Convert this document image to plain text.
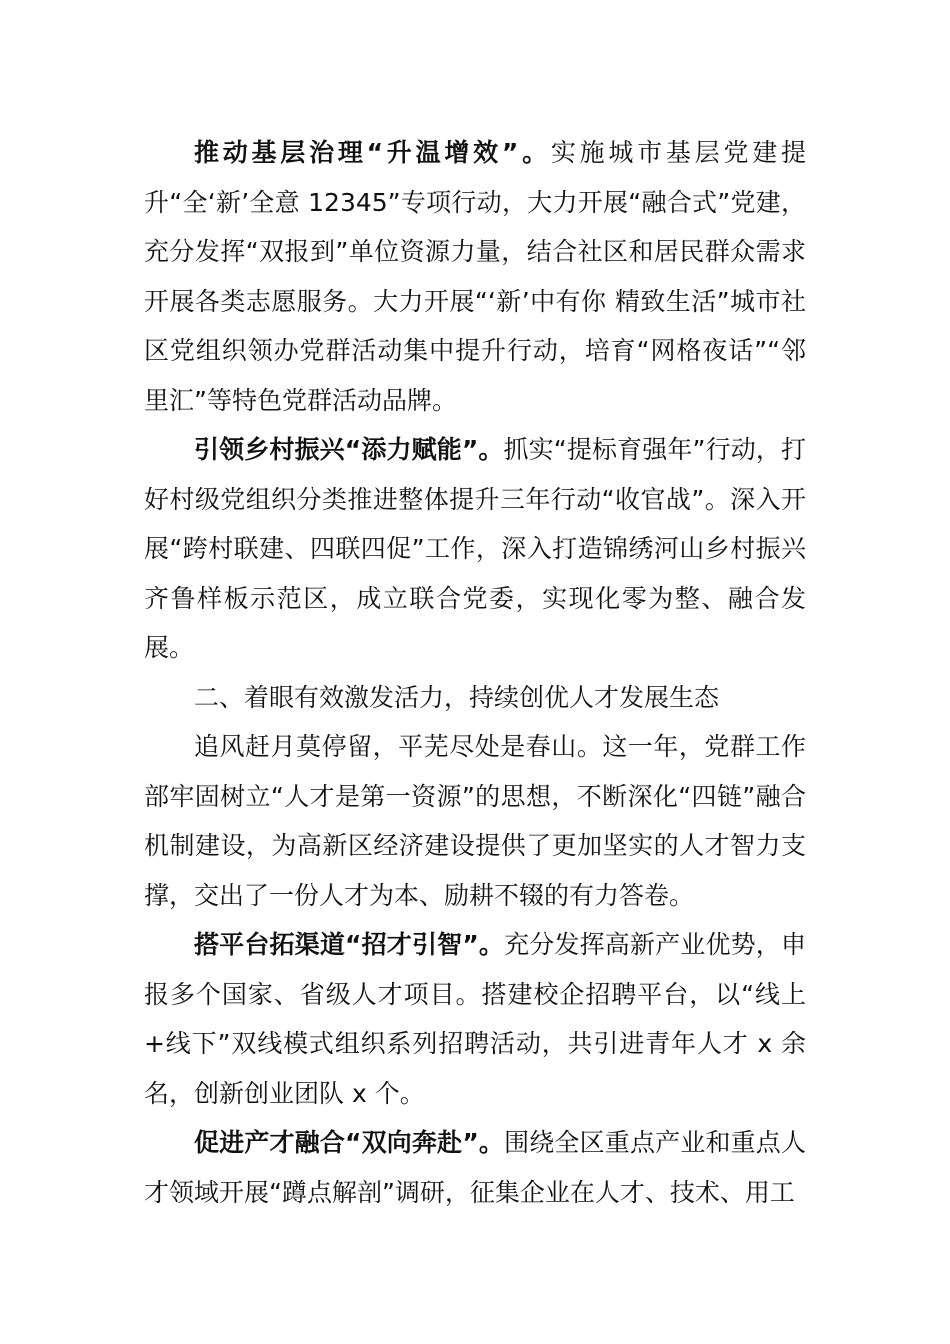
推动基层治理“升温增效”。实施城市基层党建提升“全‘新’全意 12345”专项行动，大力开展“融合式”党建，充分发挥“双报到”单位资源力量，结合社区和居民群众需求开展各类志愿服务。大力开展“‘新’中有你 精致生活”城市社区党组织领办党群活动集中提升行动，培育“网格夜话”“邻里汇”等特色党群活动品牌。

引领乡村振兴“添力赋能”。抓实“提标育强年”行动，打好村级党组织分类推进整体提升三年行动“收官战”。深入开展“跨村联建、四联四促”工作，深入打造锦绣河山乡村振兴齐鲁样板示范区，成立联合党委，实现化零为整、融合发展。

二、着眼有效激发活力，持续创优人才发展生态

追风赶月莫停留，平芜尽处是春山。这一年，党群工作部牢固树立“人才是第一资源”的思想，不断深化“四链”融合机制建设，为高新区经济建设提供了更加坚实的人才智力支撑，交出了一份人才为本、励耕不辍的有力答卷。

搭平台拓渠道“招才引智”。充分发挥高新产业优势，申报多个国家、省级人才项目。搭建校企招聘平台，以“线上+线下”双线模式组织系列招聘活动，共引进青年人才 x 余名，创新创业团队 x 个。

促进产才融合“双向奔赴”。围绕全区重点产业和重点人才领域开展“蹲点解剖”调研，征集企业在人才、技术、用工
